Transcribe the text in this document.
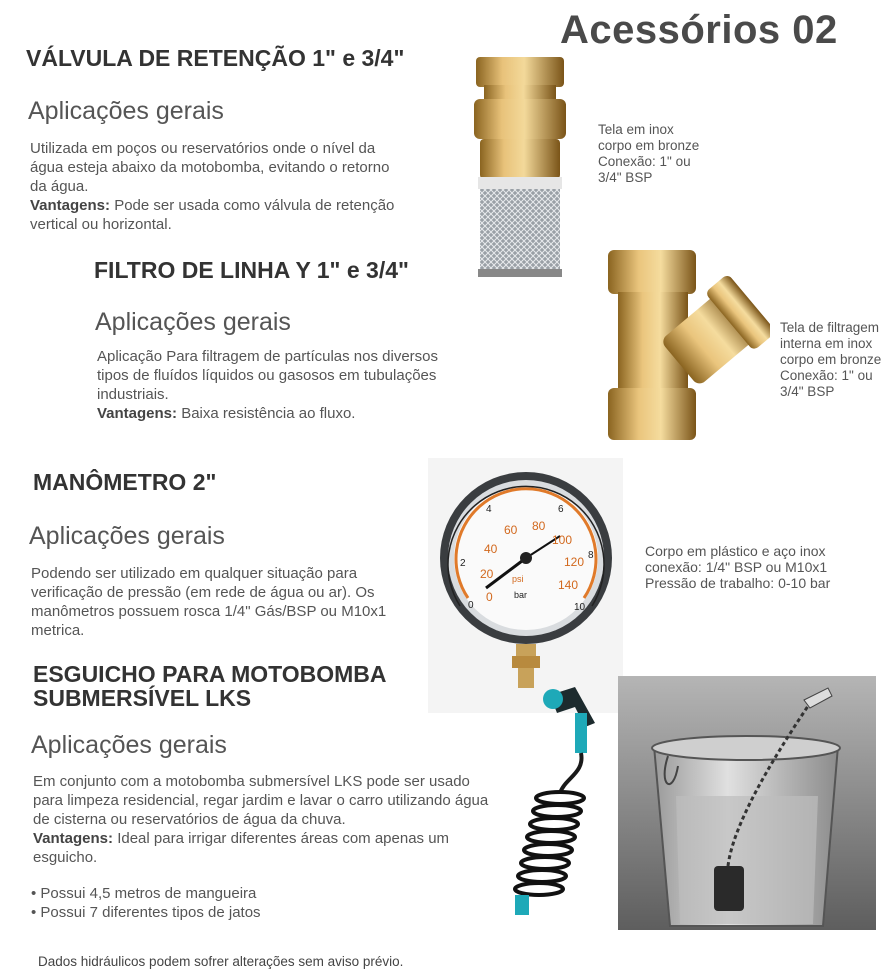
Acessórios 02
VÁLVULA DE RETENÇÃO 1" e 3/4"
Aplicações gerais
Utilizada em poços ou reservatórios onde o nível da água esteja abaixo da motobomba, evitando o retorno da água.
Vantagens: Pode ser usada como válvula de retenção vertical ou horizontal.
Tela em inox
corpo em bronze
Conexão: 1" ou
3/4" BSP
FILTRO DE LINHA Y 1" e 3/4"
Aplicações gerais
Aplicação Para filtragem de partículas nos diversos tipos de fluídos líquidos ou gasosos em tubulações industriais.
Vantagens: Baixa resistência ao fluxo.
Tela de filtragem
interna em inox
corpo em bronze
Conexão: 1" ou
3/4" BSP
MANÔMETRO 2"
Aplicações gerais
Podendo ser utilizado em qualquer situação para verificação de pressão (em rede de água ou ar). Os manômetros possuem rosca 1/4" Gás/BSP ou M10x1 metrica.
Corpo em plástico e aço inox
conexão: 1/4" BSP ou M10x1
Pressão de trabalho: 0-10 bar
0
20
40
60 80
100
120
140
0
2
4	6
8
10
psi
bar
ESGUICHO PARA MOTOBOMBA
SUBMERSÍVEL LKS
Aplicações gerais
Em conjunto com a motobomba submersível LKS pode ser usado para limpeza residencial, regar jardim e lavar o carro utilizando água de cisterna ou reservatórios de água da chuva.
Vantagens: Ideal para irrigar diferentes áreas com apenas um esguicho.
• Possui 4,5 metros de mangueira
• Possui 7 diferentes tipos de jatos
Dados hidráulicos podem sofrer alterações sem aviso prévio.
